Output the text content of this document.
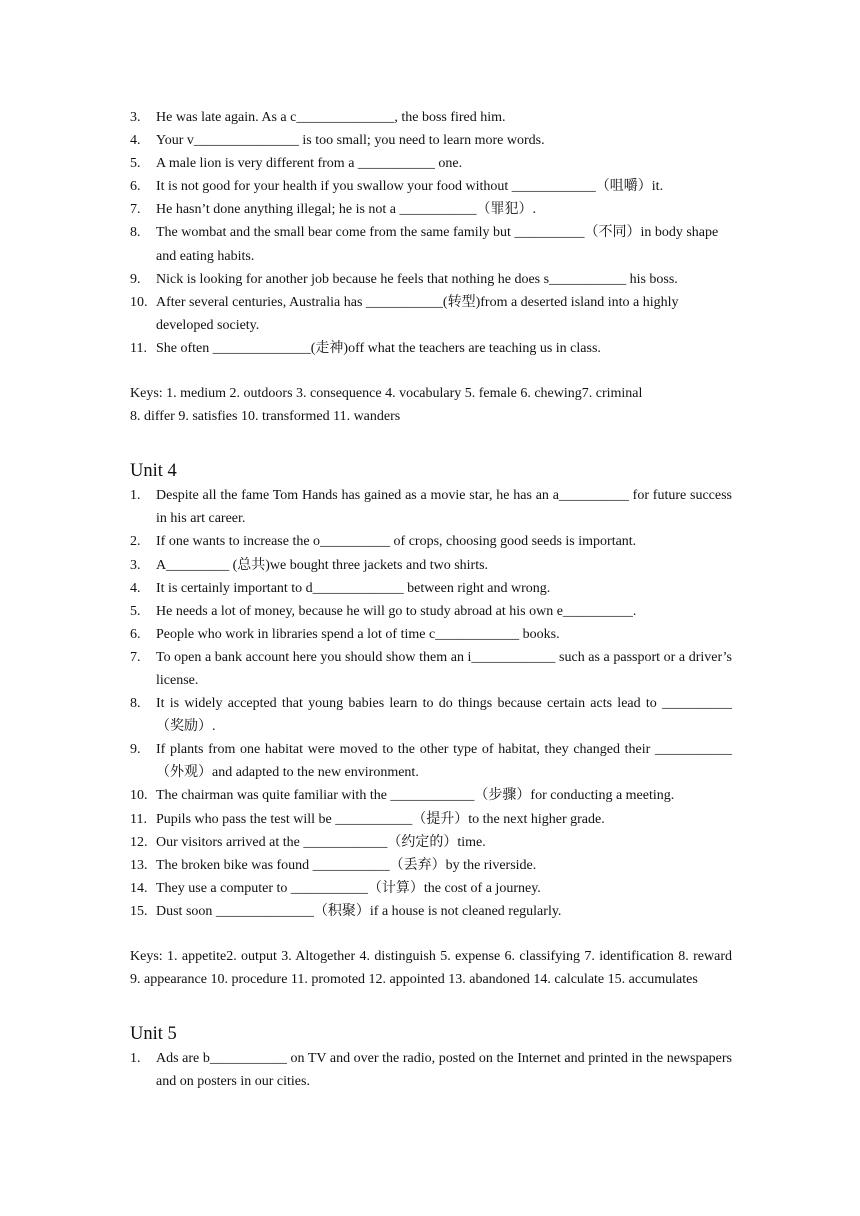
3.	He was late again. As a c______________, the boss fired him.
4.	Your v_______________ is too small; you need to learn more words.
5.	A male lion is very different from a ___________ one.
6.	It is not good for your health if you swallow your food without ____________（咀嚼）it.
7.	He hasn’t done anything illegal; he is not a ___________（罪犯）.
8.	The wombat and the small bear come from the same family but __________（不同）in body shape and eating habits.
9.	Nick is looking for another job because he feels that nothing he does s___________ his boss.
10. After several centuries, Australia has ___________(转型)from a deserted island into a highly developed society.
11. She often ______________(走神)off what the teachers are teaching us in class.
Keys: 1. medium 2. outdoors 3. consequence 4. vocabulary 5. female 6. chewing7. criminal
8. differ 9. satisfies 10. transformed 11. wanders
Unit 4
1.	Despite all the fame Tom Hands has gained as a movie star, he has an a__________ for future success in his art career.
2.	If one wants to increase the o__________ of crops, choosing good seeds is important.
3.	A_________ (总共)we bought three jackets and two shirts.
4.	It is certainly important to d_____________ between right and wrong.
5.	He needs a lot of money, because he will go to study abroad at his own e__________.
6.	People who work in libraries spend a lot of time c____________ books.
7.	To open a bank account here you should show them an i____________ such as a passport or a driver’s license.
8.	It is widely accepted that young babies learn to do things because certain acts lead to __________（奖励）.
9.	If plants from one habitat were moved to the other type of habitat, they changed their ___________（外观）and adapted to the new environment.
10. The chairman was quite familiar with the ____________（步骤）for conducting a meeting.
11. Pupils who pass the test will be ___________（提升）to the next higher grade.
12. Our visitors arrived at the ____________（约定的）time.
13. The broken bike was found ___________（丢弃）by the riverside.
14. They use a computer to ___________（计算）the cost of a journey.
15. Dust soon ______________（积聚）if a house is not cleaned regularly.
Keys: 1. appetite2. output 3. Altogether 4. distinguish 5. expense 6. classifying 7. identification 8. reward 9. appearance 10. procedure 11. promoted 12. appointed 13. abandoned 14. calculate 15. accumulates
Unit 5
1.	Ads are b___________ on TV and over the radio, posted on the Internet and printed in the newspapers and on posters in our cities.
